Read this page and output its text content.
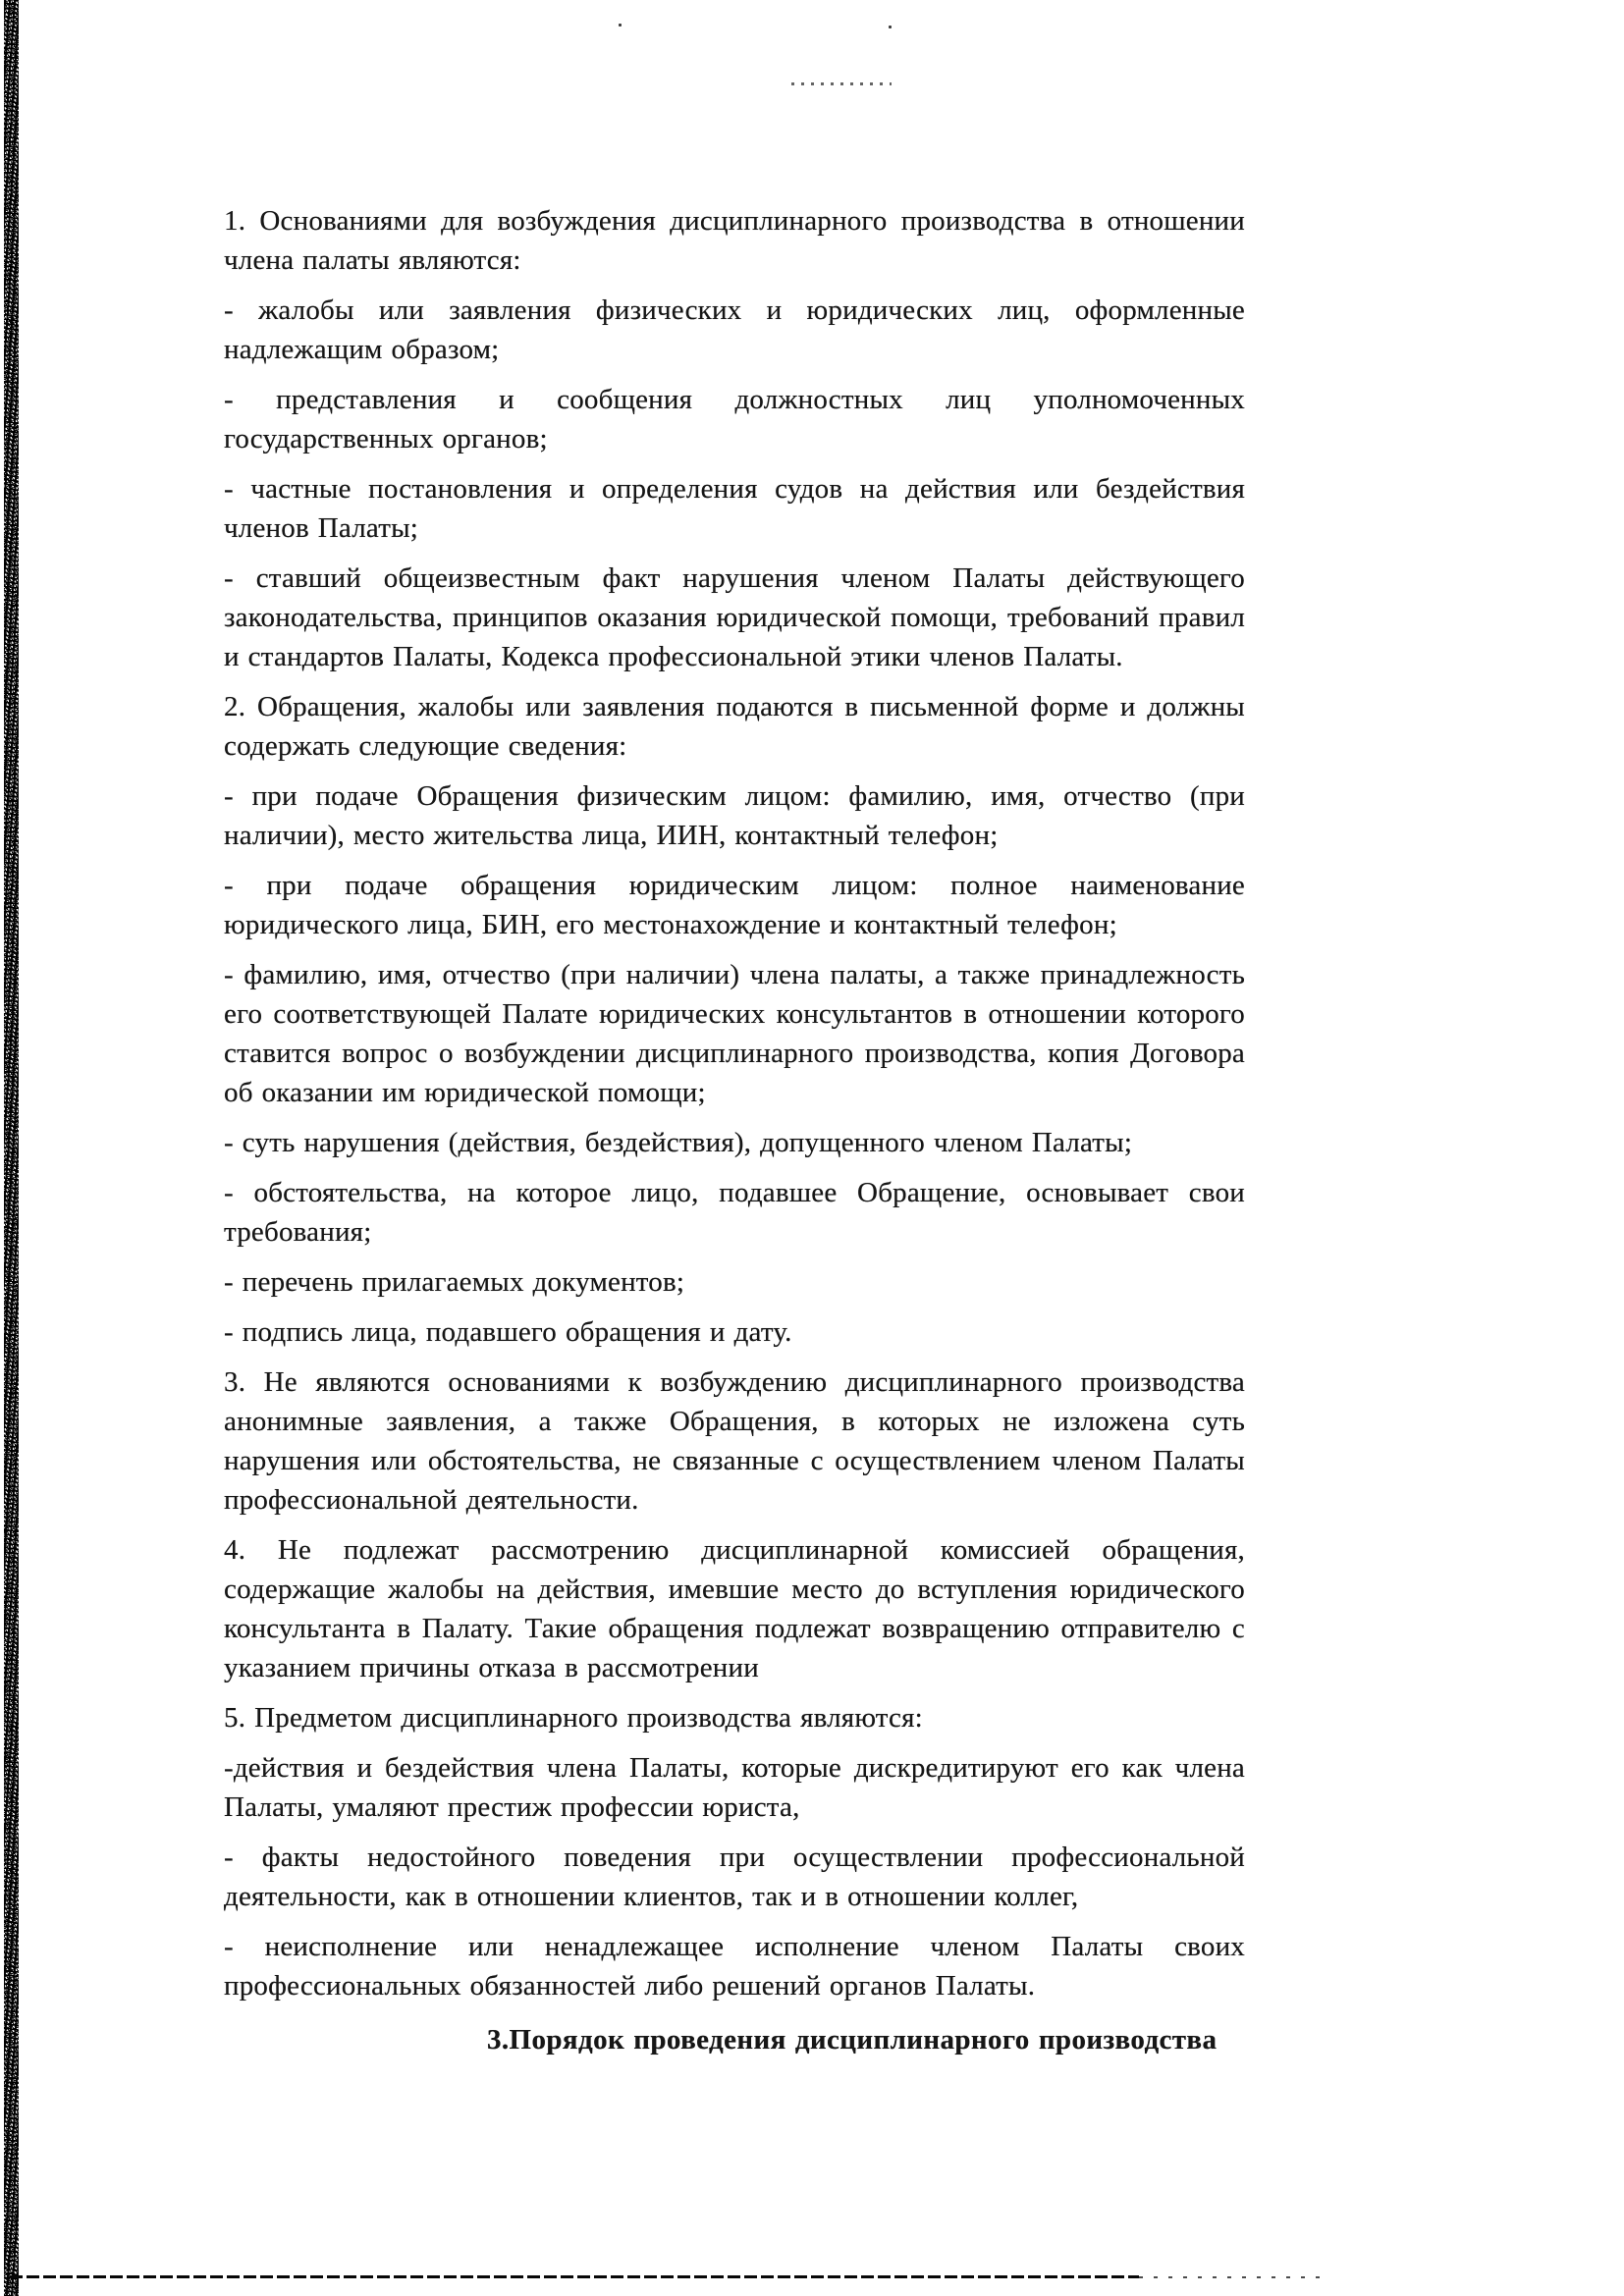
1. Основаниями для возбуждения дисциплинарного производства в отношении члена палаты являются:

- жалобы или заявления физических и юридических лиц, оформленные надлежащим образом;

- представления и сообщения должностных лиц уполномоченных государственных органов;

- частные постановления и определения судов на действия или бездействия членов Палаты;

- ставший общеизвестным факт нарушения членом Палаты действующего законодательства, принципов оказания юридической помощи, требований правил и стандартов Палаты, Кодекса профессиональной этики членов Палаты.

2. Обращения, жалобы или заявления подаются в письменной форме и должны содержать следующие сведения:

- при подаче Обращения физическим лицом: фамилию, имя, отчество (при наличии), место жительства лица, ИИН, контактный телефон;

- при подаче обращения юридическим лицом: полное наименование юридического лица, БИН, его местонахождение и контактный телефон;

- фамилию, имя, отчество (при наличии) члена палаты, а также принадлежность его соответствующей Палате юридических консультантов в отношении которого ставится вопрос о возбуждении дисциплинарного производства, копия Договора об оказании им юридической помощи;

- суть нарушения (действия, бездействия), допущенного членом Палаты;

- обстоятельства, на которое лицо, подавшее Обращение, основывает свои требования;

- перечень прилагаемых документов;

- подпись лица, подавшего обращения и дату.

3. Не являются основаниями к возбуждению дисциплинарного производства анонимные заявления, а также Обращения, в которых не изложена суть нарушения или обстоятельства, не связанные с осуществлением членом Палаты профессиональной деятельности.

4. Не подлежат рассмотрению дисциплинарной комиссией обращения, содержащие жалобы на действия, имевшие место до вступления юридического консультанта в Палату. Такие обращения подлежат возвращению отправителю с указанием причины отказа в рассмотрении

5. Предметом дисциплинарного производства являются:

-действия и бездействия члена Палаты, которые дискредитируют его как члена Палаты, умаляют престиж профессии юриста,

- факты недостойного поведения при осуществлении профессиональной деятельности, как в отношении клиентов, так и в отношении коллег,

- неисполнение или ненадлежащее исполнение членом Палаты своих профессиональных обязанностей либо решений органов Палаты.

3.Порядок проведения дисциплинарного производства
